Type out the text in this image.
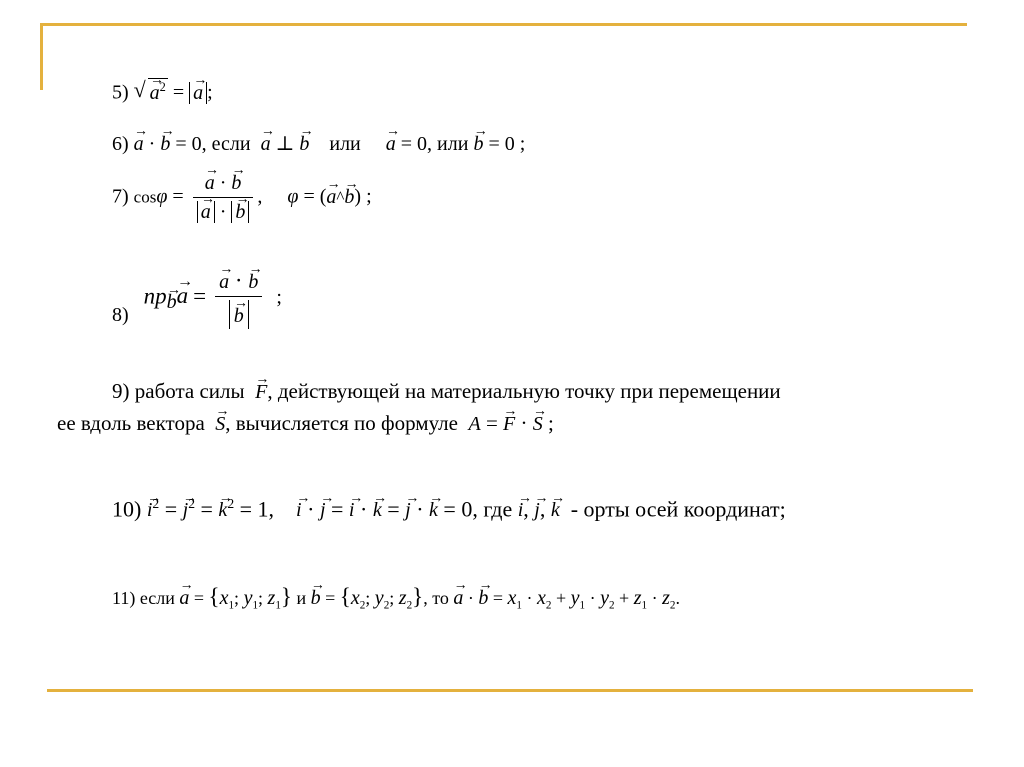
5) √ → $a^2$ = → a ;
6) → a · → b = 0, если → a ⊥ → b или → a = 0, или → b = 0 ;
7) cosφ = → a · → b
→ a · → b , φ = (→ a^→ b) ;
8)   np→ $_b$→ a = → a · → b
→ b ;
9) работа силы → F, действующей на материальную точку при перемещении
ее вдоль вектора → S, вычисляется по формуле A = → F · → S ;
$10) \to i^2$ = → $j^2$ = → $k^2 = 1$, → i · → j = → i · → k = → j · → k = 0, где → i, → j, → k - орты осей координат;
11) если → $a = \{x_1$; $y_1$; $z_1$} $и \to b = \{x_2$; $y_2$; $z_2$}, то → a · → $b = x_1 \cdot x_2 + y_1 \cdot y_2 + z_1 \cdot z_2$.
